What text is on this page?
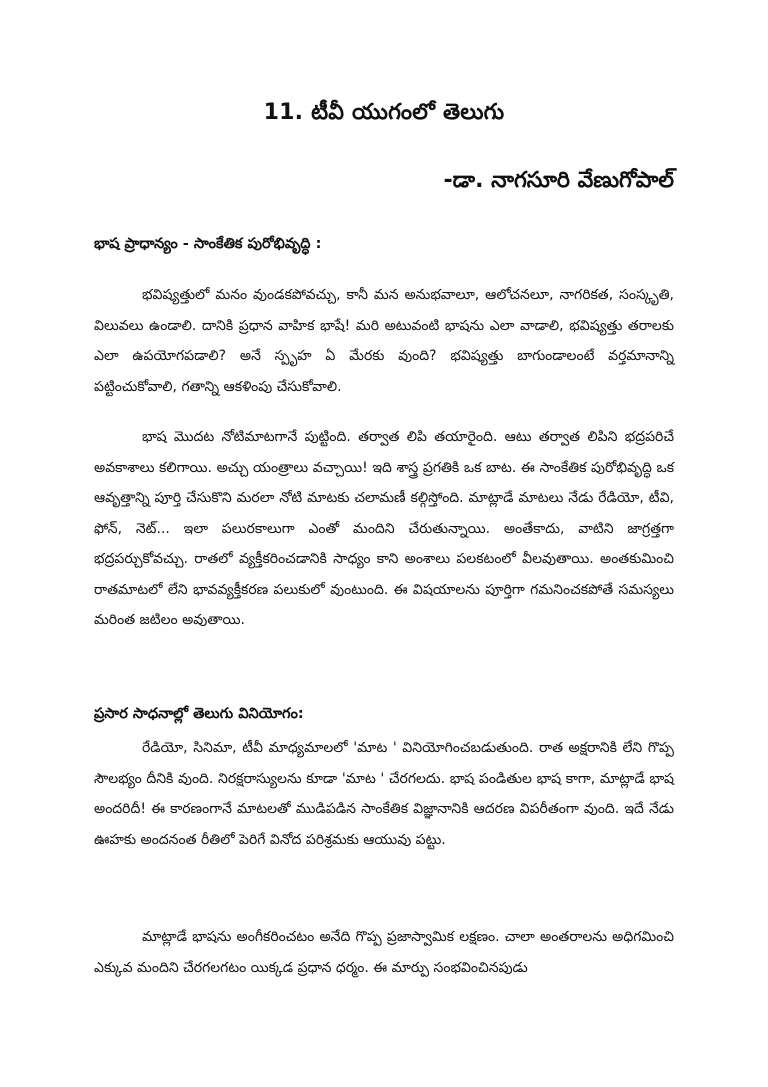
11. టీవీ యుగంలో తెలుగు
-డా. నాగసూరి వేణుగోపాల్
భాష ప్రాధాన్యం - సాంకేతిక పురోభివృద్ధి :

భవిష్యత్తులో మనం వుండకపోవచ్చు, కానీ మన అనుభవాలూ, ఆలోచనలూ, నాగరికత, సంస్కృతి, విలువలు ఉండాలి. దానికి ప్రధాన వాహిక భాషే! మరి అటువంటి భాషను ఎలా వాడాలి, భవిష్యత్తు తరాలకు ఎలా ఉపయోగపడాలి? అనే స్పృహ ఏ మేరకు వుంది? భవిష్యత్తు బాగుండాలంటే వర్తమానాన్ని పట్టించుకోవాలి, గతాన్ని ఆకళింపు చేసుకోవాలి.

భాష మొదట నోటిమాటగానే పుట్టింది. తర్వాత లిపి తయారైంది. ఆటు తర్వాత లిపిని భద్రపరిచే అవకాశాలు కలిగాయి. అచ్చు యంత్రాలు వచ్చాయి! ఇది శాస్త్ర ప్రగతికి ఒక బాట. ఈ సాంకేతిక పురోభివృద్ధి ఒక ఆవృత్తాన్ని పూర్తి చేసుకొని మరలా నోటి మాటకు చలామణీ కల్గిస్తోంది. మాట్లాడే మాటలు నేడు రేడియో, టీవి, ఫోన్, నెట్... ఇలా పలురకాలుగా ఎంతో మందిని చేరుతున్నాయి. అంతేకాదు, వాటిని జాగ్రత్తగా భద్రపర్చుకోవచ్చు. రాతలో వ్యక్తీకరించడానికి సాధ్యం కాని అంశాలు పలకటంలో వీలవుతాయి. అంతకుమించి రాతమాటలో లేని భావవ్యక్తీకరణ పలుకులో వుంటుంది. ఈ విషయాలను పూర్తిగా గమనించకపోతే సమస్యలు మరింత జటిలం అవుతాయి.

ప్రసార సాధనాల్లో తెలుగు వినియోగం:

రేడియో, సినిమా, టీవీ మాధ్యమాలలో 'మాట ' వినియోగించబడుతుంది. రాత అక్షరానికి లేని గొప్ప సౌలభ్యం దీనికి వుంది. నిరక్షరాస్యులను కూడా 'మాట ' చేరగలదు. భాష పండితుల భాష కాగా, మాట్లాడే భాష అందరిదీ! ఈ కారణంగానే మాటలతో ముడిపడిన సాంకేతిక విజ్ఞానానికి ఆదరణ విపరీతంగా వుంది. ఇదే నేడు ఊహకు అందనంత రీతిలో పెరిగే వినోద పరిశ్రమకు ఆయువు పట్టు.

మాట్లాడే భాషను అంగీకరించటం అనేది గొప్ప ప్రజాస్వామిక లక్షణం. చాలా అంతరాలను అధిగమించి ఎక్కువ మందిని చేరగలగటం యిక్కడ ప్రధాన ధర్మం. ఈ మార్పు సంభవించినపుడు
